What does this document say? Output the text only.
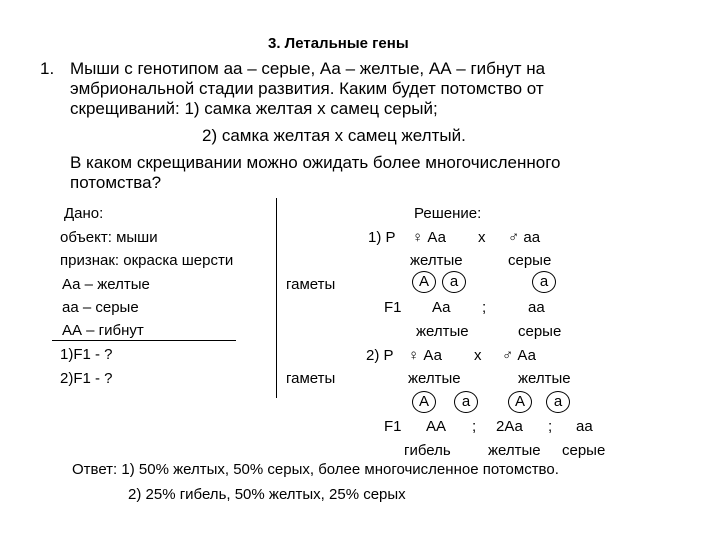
3. Летальные гены
1. Мыши с генотипом аа – серые, Аа – желтые, АА – гибнут на
эмбриональной стадии развития. Каким будет потомство от
скрещиваний: 1) самка желтая х самец серый;
2) самка желтая х самец желтый.
В каком скрещивании можно ожидать более многочисленного
потомства?
Дано:
объект: мыши
признак: окраска шерсти
Аа – желтые
аа – серые
АА – гибнут
1)F1 - ?
2)F1 - ?
Решение:
1) Р ♀ Аа х ♂ аа
желтые	серые
гаметы	А	а	а
F1 Аа ;	аа
желтые	серые
2) Р ♀ Аа х ♂ Аа
желтые	желтые
гаметы
А	а	А	а
F1 АА ; 2Аа ; аа
гибель желтые серые
Ответ: 1) 50% желтых, 50% серых, более многочисленное потомство.
2) 25% гибель, 50% желтых, 25% серых
